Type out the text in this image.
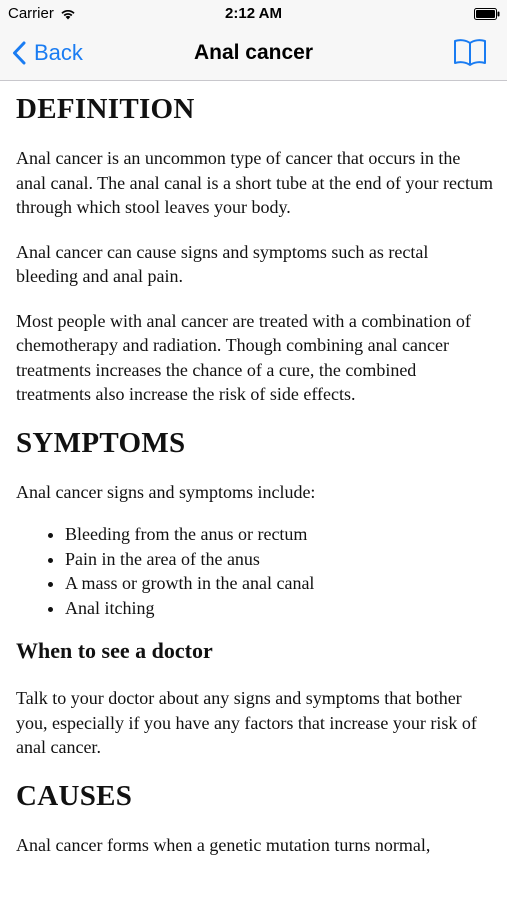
Carrier	2:12 AM
Back	Anal cancer
DEFINITION

Anal cancer is an uncommon type of cancer that occurs in the anal canal. The anal canal is a short tube at the end of your rectum through which stool leaves your body.

Anal cancer can cause signs and symptoms such as rectal bleeding and anal pain.

Most people with anal cancer are treated with a combination of chemotherapy and radiation. Though combining anal cancer treatments increases the chance of a cure, the combined treatments also increase the risk of side effects.

SYMPTOMS

Anal cancer signs and symptoms include:

• Bleeding from the anus or rectum
• Pain in the area of the anus
• A mass or growth in the anal canal
• Anal itching
When to see a doctor

Talk to your doctor about any signs and symptoms that bother you, especially if you have any factors that increase your risk of anal cancer.

CAUSES

Anal cancer forms when a genetic mutation turns normal,
